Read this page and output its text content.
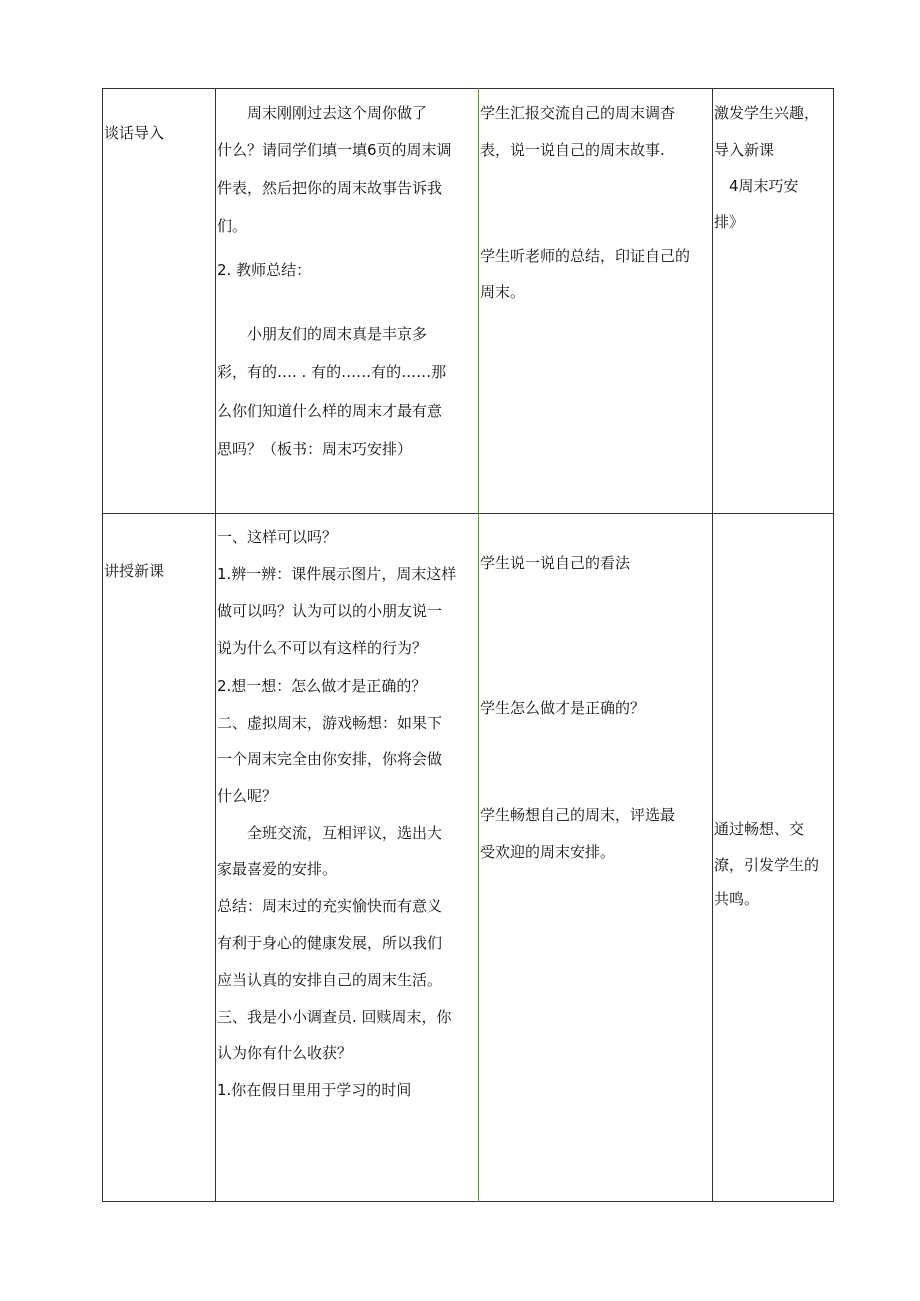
谈话导入
　　周末刚刚过去这个周你做了
什么？请同学们填一填6页的周末调
件表，然后把你的周末故事告诉我
们。
2. 教师总结：
　　小朋友们的周末真是丰京多
彩，有的…. . 有的……有的……那
么你们知道什么样的周末才最有意
思吗？（板书：周末巧安排）
学生汇报交流自己的周末调杳
表，说一说自己的周末故事.
学生听老师的总结，印证自己的
周末。
激发学生兴趣，
导入新课
　4周末巧安
排》
讲授新课
一、这样可以吗？
1.辨一辨：课件展示图片，周末这样
做可以吗？认为可以的小朋友说一
说为什么不可以有这样的行为？
2.想一想：怎么做才是正确的？
二、虚拟周末，游戏畅想：如果下
一个周末完全由你安排，你将会做
什么呢？
　　全班交流，互相评议，选出大
家最喜爱的安排。
总结：周末过的充实愉快而有意义
有利于身心的健康发展，所以我们
应当认真的安排自己的周末生活。
三、我是小小调查员. 回赎周末，你
认为你有什么收获？
1.你在假日里用于学习的时间
学生说一说自己的看法
学生怎么做才是正确的？
学生畅想自己的周末，评选最
受欢迎的周末安排。
通过畅想、交
潦，引发学生的
共鸣。
